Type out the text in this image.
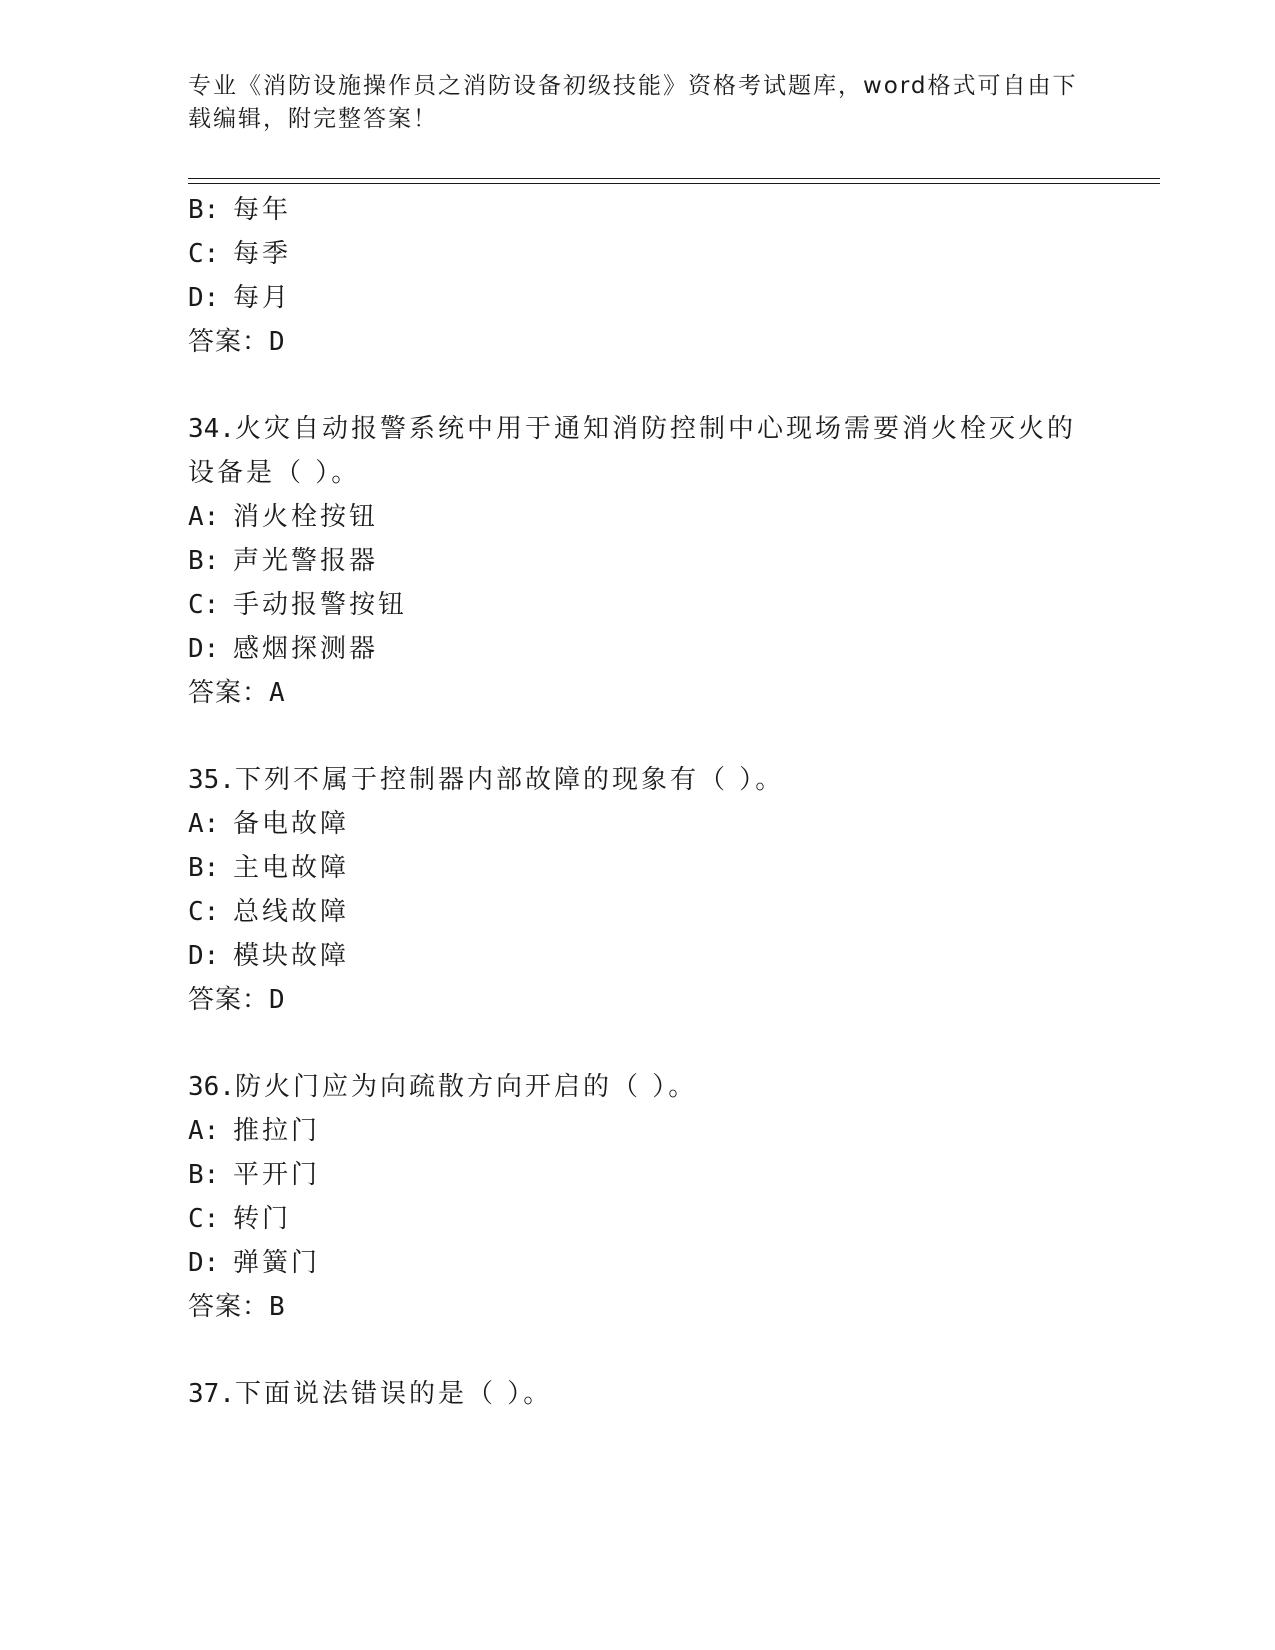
专业《消防设施操作员之消防设备初级技能》资格考试题库，word格式可自由下
载编辑，附完整答案！
B: 每年
C: 每季
D: 每月
答案：D
34.火灾自动报警系统中用于通知消防控制中心现场需要消火栓灭火的
设备是（ ）。
A: 消火栓按钮
B: 声光警报器
C: 手动报警按钮
D: 感烟探测器
答案：A
35.下列不属于控制器内部故障的现象有（ ）。
A: 备电故障
B: 主电故障
C: 总线故障
D: 模块故障
答案：D
36.防火门应为向疏散方向开启的（ ）。
A: 推拉门
B: 平开门
C: 转门
D: 弹簧门
答案：B
37.下面说法错误的是（ ）。
